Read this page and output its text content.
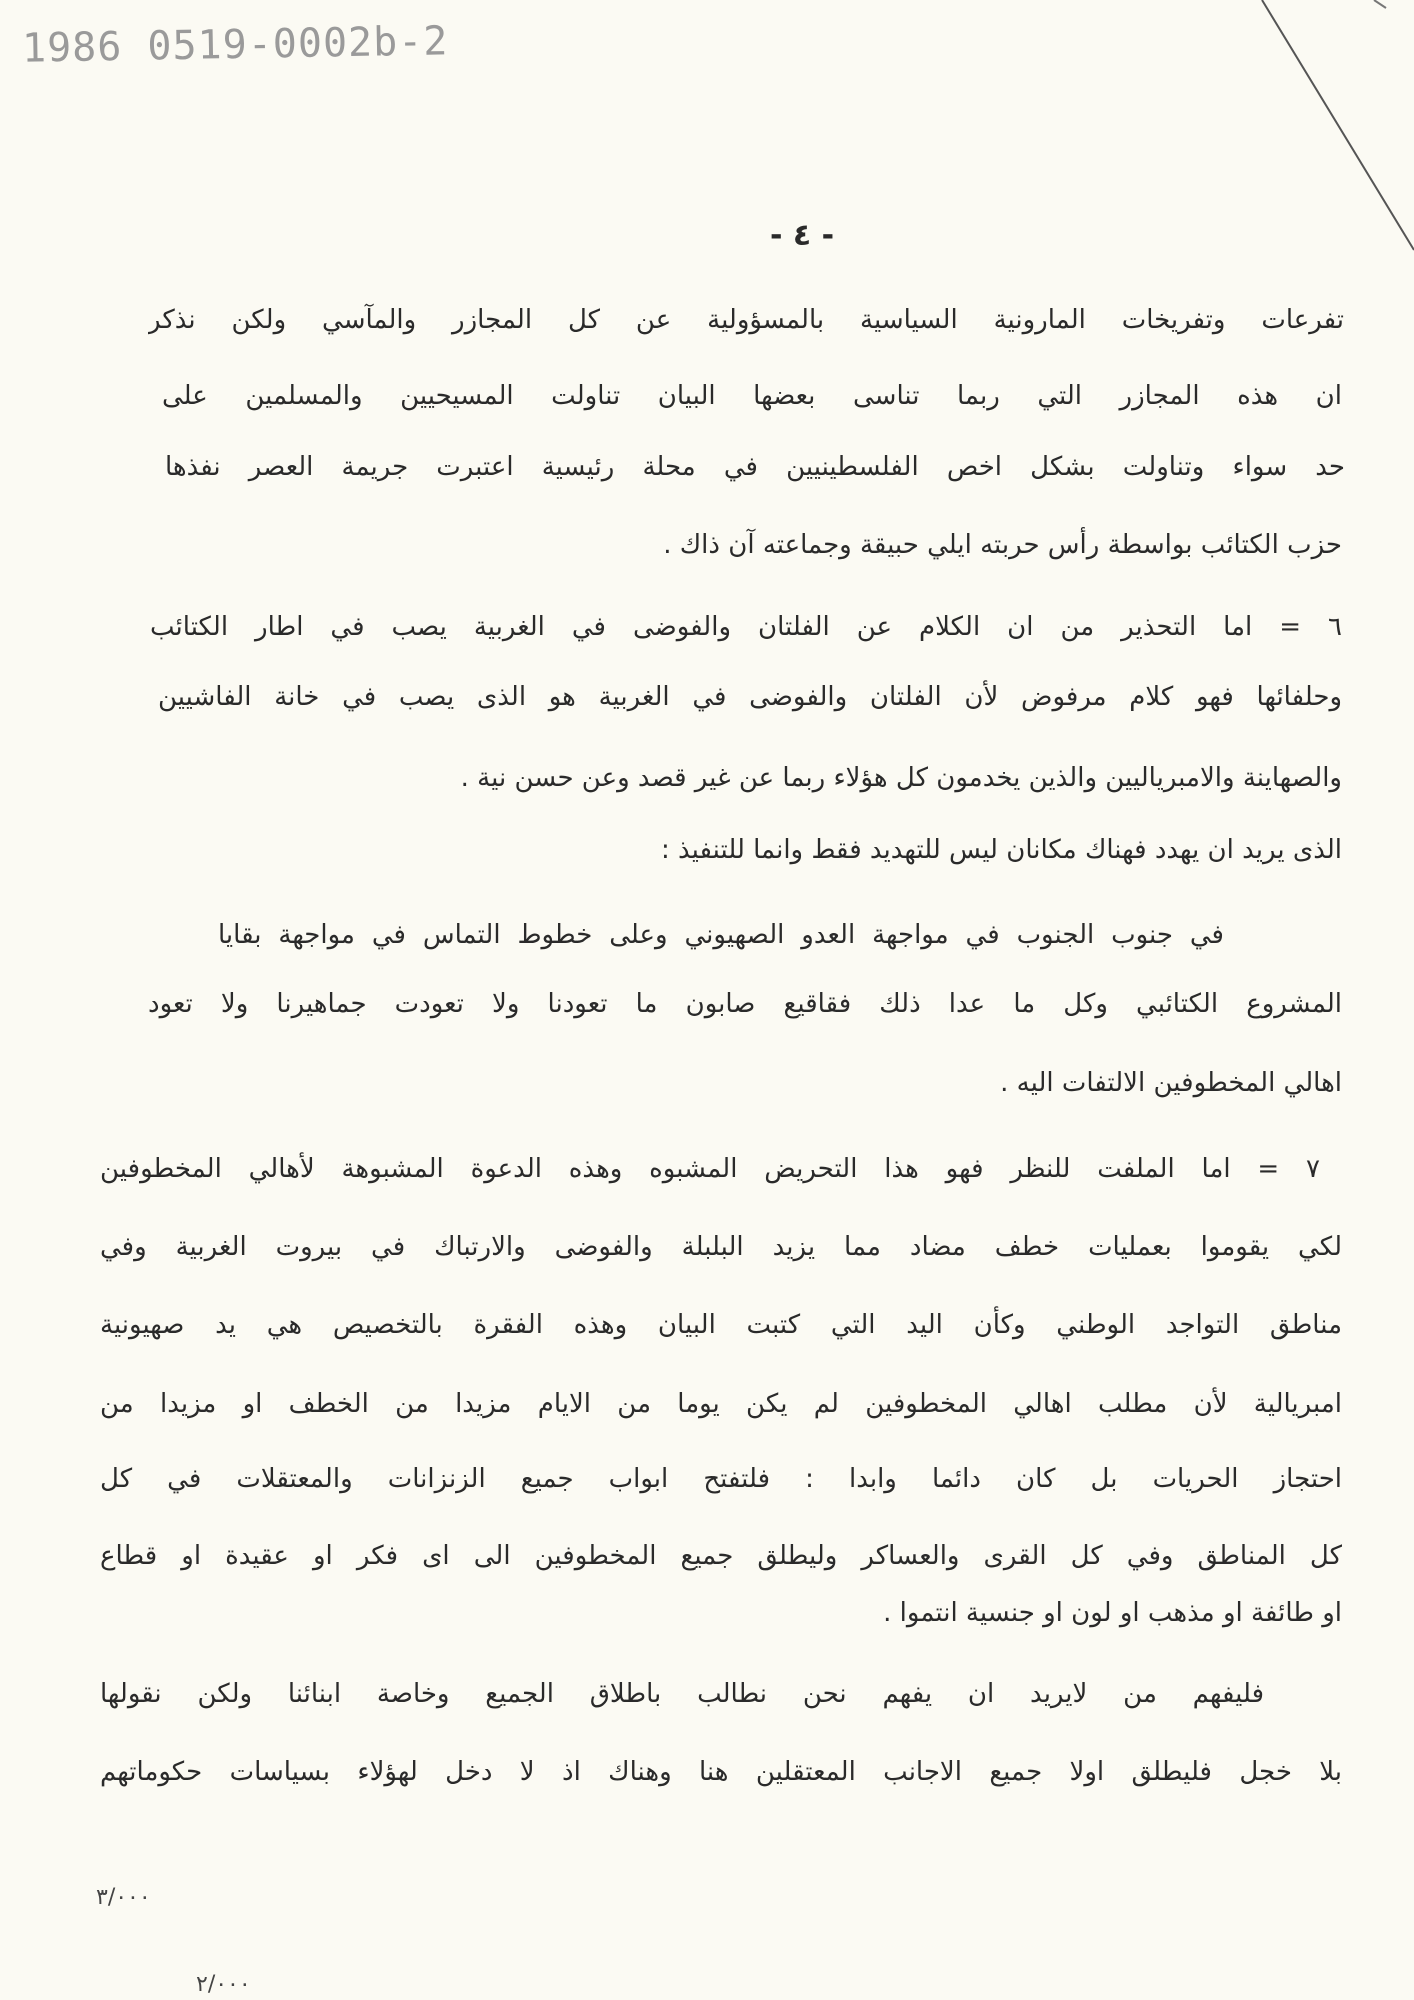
1986 0519-0002b-2
- ٤ -
تفرعات وتفريخات المارونية السياسية بالمسؤولية عن كل المجازر والمآسي ولكن نذكر
ان هذه المجازر التي ربما تناسى بعضها البيان تناولت المسيحيين والمسلمين على
حد سواء وتناولت بشكل اخص الفلسطينيين في محلة رئيسية اعتبرت جريمة العصر نفذها
حزب الكتائب بواسطة رأس حربته ايلي حبيقة وجماعته آن ذاك .
٦ = اما التحذير من ان الكلام عن الفلتان والفوضى في الغربية يصب في اطار الكتائب
وحلفائها فهو كلام مرفوض لأن الفلتان والفوضى في الغربية هو الذى يصب في خانة الفاشيين
والصهاينة والامبرياليين والذين يخدمون كل هؤلاء ربما عن غير قصد وعن حسن نية .
الذى يريد ان يهدد فهناك مكانان ليس للتهديد فقط وانما للتنفيذ :
في جنوب الجنوب في مواجهة العدو الصهيوني وعلى خطوط التماس في مواجهة بقايا
المشروع الكتائبي وكل ما عدا ذلك فقاقيع صابون ما تعودنا ولا تعودت جماهيرنا ولا تعود
اهالي المخطوفين الالتفات اليه .
٧ = اما الملفت للنظر فهو هذا التحريض المشبوه وهذه الدعوة المشبوهة لأهالي المخطوفين
لكي يقوموا بعمليات خطف مضاد مما يزيد البلبلة والفوضى والارتباك في بيروت الغربية وفي
مناطق التواجد الوطني وكأن اليد التي كتبت البيان وهذه الفقرة بالتخصيص هي يد صهيونية
امبريالية لأن مطلب اهالي المخطوفين لم يكن يوما من الايام مزيدا من الخطف او مزيدا من
احتجاز الحريات بل كان دائما وابدا : فلتفتح ابواب جميع الزنزانات والمعتقلات في كل
كل المناطق وفي كل القرى والعساكر وليطلق جميع المخطوفين الى اى فكر او عقيدة او قطاع
او طائفة او مذهب او لون او جنسية انتموا .
فليفهم من لايريد ان يفهم نحن نطالب باطلاق الجميع وخاصة ابنائنا ولكن نقولها
بلا خجل فليطلق اولا جميع الاجانب المعتقلين هنا وهناك اذ لا دخل لهؤلاء بسياسات حكوماتهم
٣/٠٠٠
٢/٠٠٠
